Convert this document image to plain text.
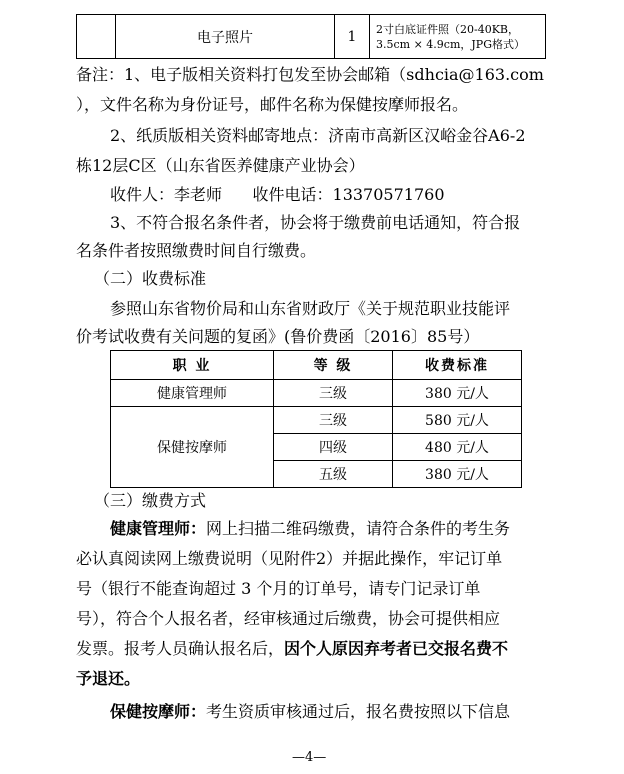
	电子照片	1	2寸白底证件照（20-40KB，
3.5cm × 4.9cm，JPG格式）
备注：1、电子版相关资料打包发至协会邮箱（sdhcia@163.com
），文件名称为身份证号，邮件名称为保健按摩师报名。
2、纸质版相关资料邮寄地点：济南市高新区汉峪金谷A6-2
栋12层C区（山东省医养健康产业协会）
收件人：李老师      收件电话：13370571760
3、不符合报名条件者，协会将于缴费前电话通知，符合报
名条件者按照缴费时间自行缴费。
（二）收费标准
参照山东省物价局和山东省财政厅《关于规范职业技能评
价考试收费有关问题的复函》(鲁价费函〔2016〕85号）
职 业	等 级	收费标准
健康管理师	三级	380 元/人
保健按摩师	三级	580 元/人
	四级	480 元/人
	五级	380 元/人
（三）缴费方式
健康管理师：网上扫描二维码缴费，请符合条件的考生务
必认真阅读网上缴费说明（见附件2）并据此操作，牢记订单
号（银行不能查询超过 3 个月的订单号，请专门记录订单
号），符合个人报名者，经审核通过后缴费，协会可提供相应
发票。报考人员确认报名后，因个人原因弃考者已交报名费不
予退还。
保健按摩师：考生资质审核通过后，报名费按照以下信息
—4—
